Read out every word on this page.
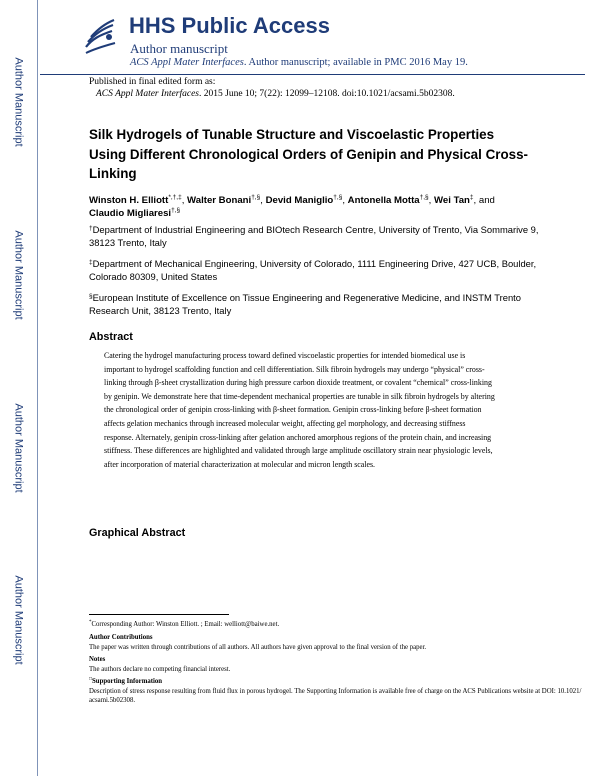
Author Manuscript
Author Manuscript
Author Manuscript
Author Manuscript
HHS Public Access
Author manuscript
ACS Appl Mater Interfaces. Author manuscript; available in PMC 2016 May 19.
Published in final edited form as:
ACS Appl Mater Interfaces. 2015 June 10; 7(22): 12099–12108. doi:10.1021/acsami.5b02308.
Silk Hydrogels of Tunable Structure and Viscoelastic Properties Using Different Chronological Orders of Genipin and Physical Cross- Linking
Winston H. Elliott*,†,‡, Walter Bonani†,§, Devid Maniglio†,§, Antonella Motta†,§, Wei Tan‡, and
Claudio Migliaresi†,§
†Department of Industrial Engineering and BIOtech Research Centre, University of Trento, Via Sommarive 9, 38123 Trento, Italy
‡Department of Mechanical Engineering, University of Colorado, 1111 Engineering Drive, 427 UCB, Boulder, Colorado 80309, United States
§European Institute of Excellence on Tissue Engineering and Regenerative Medicine, and INSTM Trento Research Unit, 38123 Trento, Italy
Abstract

Catering the hydrogel manufacturing process toward defined viscoelastic properties for intended biomedical use is important to hydrogel scaffolding function and cell differentiation. Silk fibroin hydrogels may undergo “physical” cross-linking through β-sheet crystallization during high pressure carbon dioxide treatment, or covalent “chemical” cross-linking by genipin. We demonstrate here that time-dependent mechanical properties are tunable in silk fibroin hydrogels by altering the chronological order of genipin cross-linking with β-sheet formation. Genipin cross-linking before β-sheet formation affects gelation mechanics through increased molecular weight, affecting gel morphology, and decreasing stiffness response. Alternately, genipin cross-linking after gelation anchored amorphous regions of the protein chain, and increasing stiffness. These differences are highlighted and validated through large amplitude oscillatory strain near physiologic levels, after incorporation of material characterization at molecular and micron length scales.

Graphical Abstract
*Corresponding Author: Winston Elliott. ; Email: welliott@baiwe.net.
Author Contributions
The paper was written through contributions of all authors. All authors have given approval to the final version of the paper.
Notes
The authors declare no competing financial interest.
□Supporting Information
Description of stress response resulting from fluid flux in porous hydrogel. The Supporting Information is available free of charge on the ACS Publications website at DOI: 10.1021/ acsami.5b02308.
